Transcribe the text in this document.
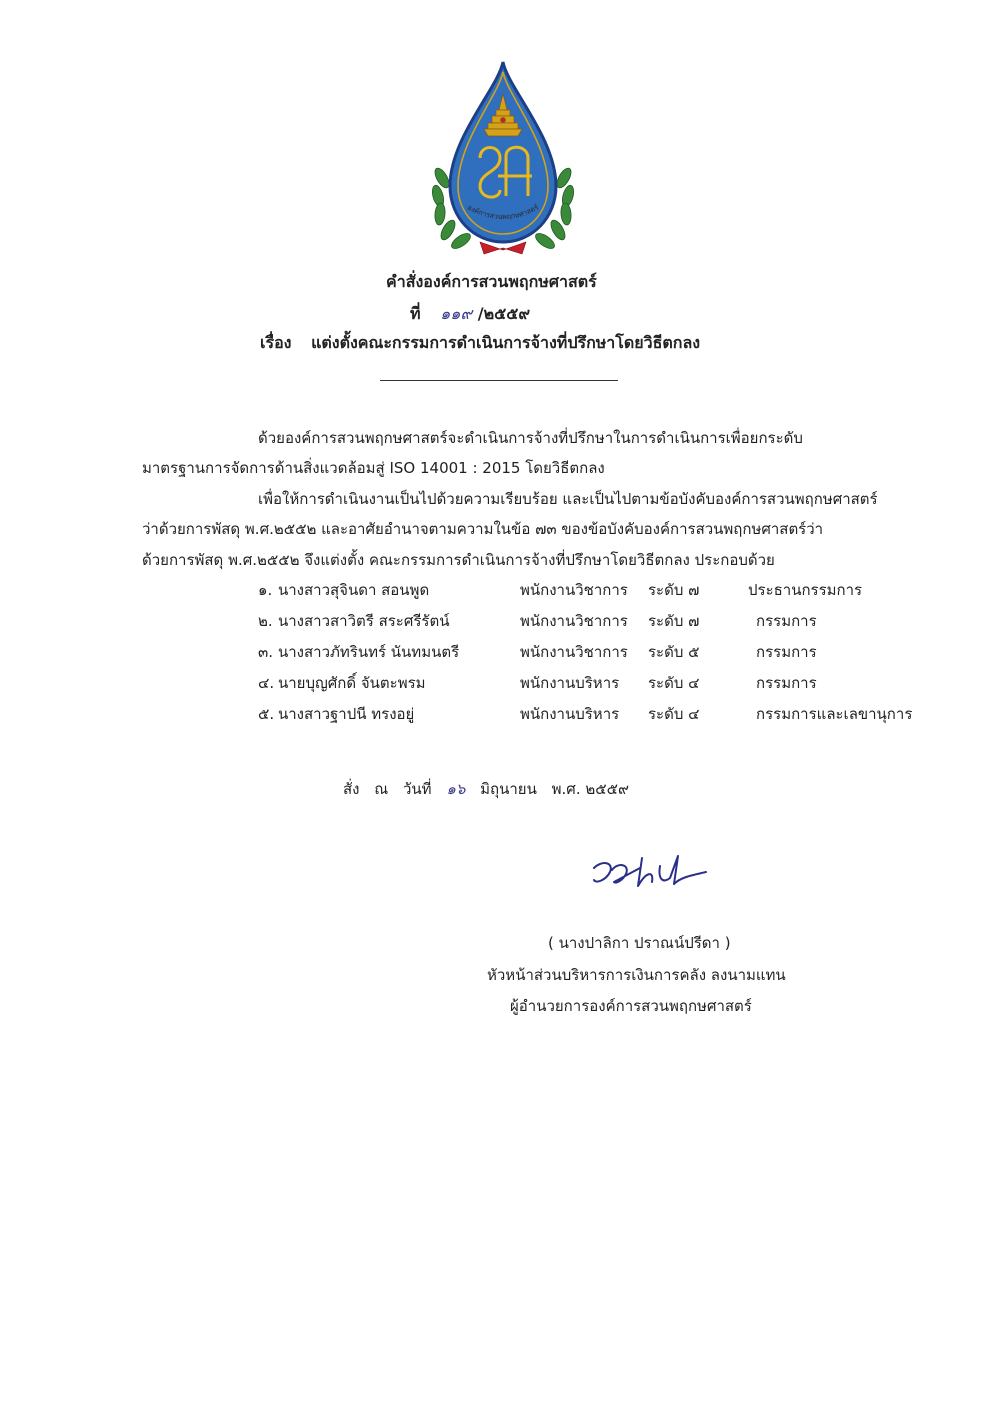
องค์การสวนพฤกษศาสตร์
คำสั่งองค์การสวนพฤกษศาสตร์
ที่ ๑๑๙ /๒๕๕๙
เรื่อง แต่งตั้งคณะกรรมการดำเนินการจ้างที่ปรึกษาโดยวิธีตกลง
ด้วยองค์การสวนพฤกษศาสตร์จะดำเนินการจ้างที่ปรึกษาในการดำเนินการเพื่อยกระดับ
มาตรฐานการจัดการด้านสิ่งแวดล้อมสู่ ISO 14001 : 2015 โดยวิธีตกลง
เพื่อให้การดำเนินงานเป็นไปด้วยความเรียบร้อย และเป็นไปตามข้อบังคับองค์การสวนพฤกษศาสตร์
ว่าด้วยการพัสดุ พ.ศ.๒๕๕๒ และอาศัยอำนาจตามความในข้อ ๗๓ ของข้อบังคับองค์การสวนพฤกษศาสตร์ว่า
ด้วยการพัสดุ พ.ศ.๒๕๕๒ จึงแต่งตั้ง คณะกรรมการดำเนินการจ้างที่ปรึกษาโดยวิธีตกลง ประกอบด้วย
๑. นางสาวสุจินดา สอนพูด	พนักงานวิชาการ ระดับ ๗	ประธานกรรมการ
๒. นางสาวสาวิตรี สระศรีรัตน์	พนักงานวิชาการ ระดับ ๗	กรรมการ
๓. นางสาวภัทรินทร์ นันทมนตรี	พนักงานวิชาการ ระดับ ๕	กรรมการ
๔. นายบุญศักดิ์ จันตะพรม	พนักงานบริหาร ระดับ ๔	กรรมการ
๕. นางสาวฐาปนี ทรงอยู่	พนักงานบริหาร ระดับ ๔	กรรมการและเลขานุการ
สั่ง ณ วันที่ ๑๖ มิถุนายน พ.ศ. ๒๕๕๙
( นางปาลิกา ปราณน์ปรีดา )
หัวหน้าส่วนบริหารการเงินการคลัง ลงนามแทน
ผู้อำนวยการองค์การสวนพฤกษศาสตร์
